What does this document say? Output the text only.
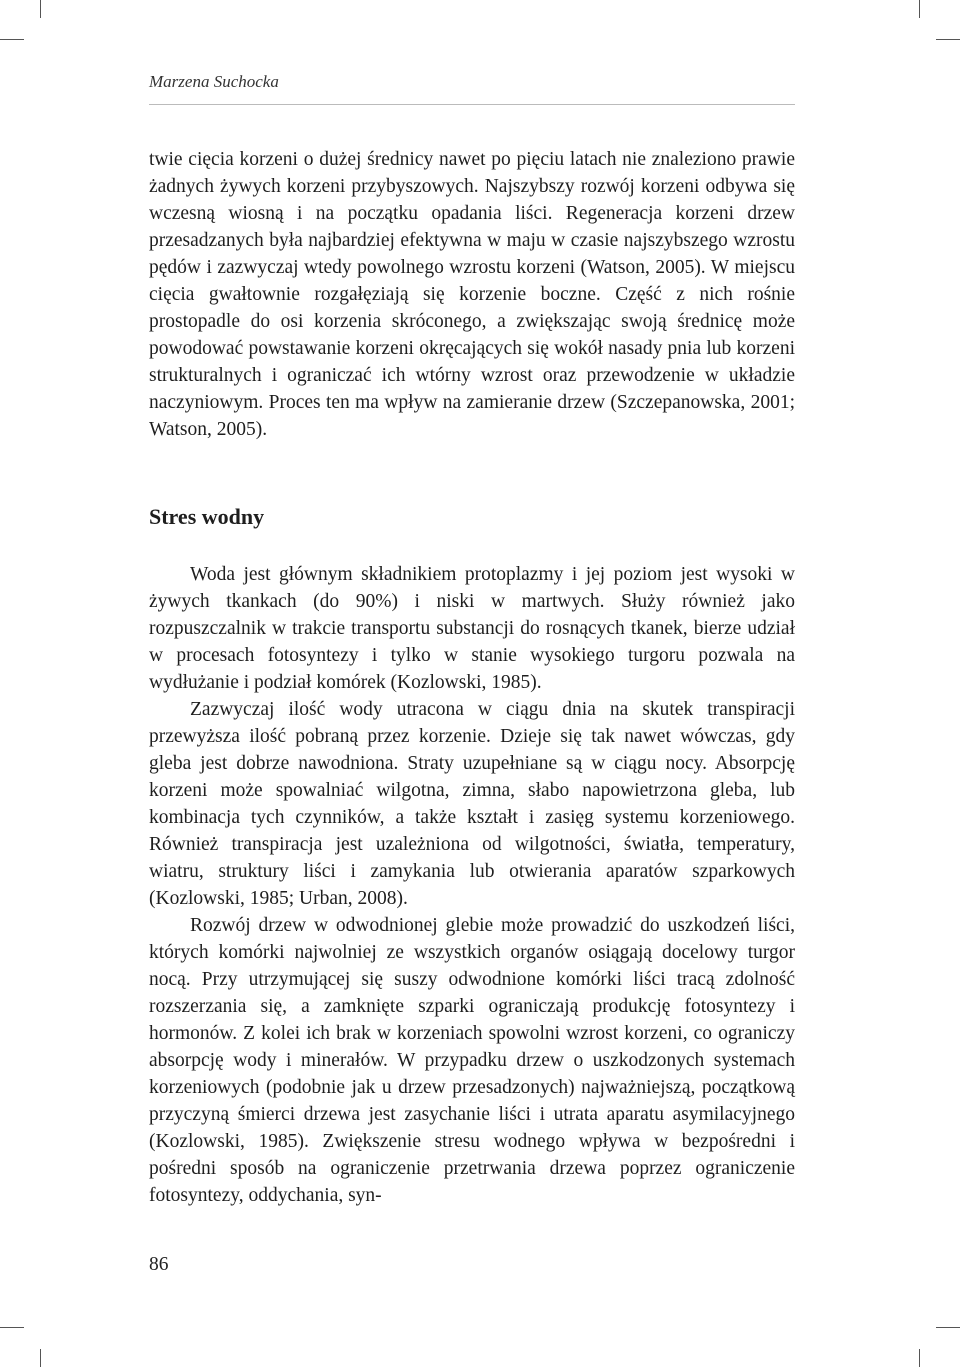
Marzena Suchocka

twie cięcia korzeni o dużej średnicy nawet po pięciu latach nie znaleziono prawie żadnych żywych korzeni przybyszowych. Najszybszy rozwój korzeni odbywa się wczesną wiosną i na początku opadania liści. Regeneracja korzeni drzew przesadzanych była najbardziej efektywna w maju w czasie najszybszego wzrostu pędów i zazwyczaj wtedy powolnego wzrostu korzeni (Watson, 2005). W miejscu cięcia gwałtownie rozgałęziają się korzenie boczne. Część z nich rośnie prostopadle do osi korzenia skróconego, a zwiększając swoją średnicę może powodować powstawanie korzeni okręcających się wokół nasady pnia lub korzeni strukturalnych i ograniczać ich wtórny wzrost oraz przewodzenie w układzie naczyniowym. Proces ten ma wpływ na zamieranie drzew (Szczepanowska, 2001; Watson, 2005).

Stres wodny

Woda jest głównym składnikiem protoplazmy i jej poziom jest wysoki w żywych tkankach (do 90%) i niski w martwych. Służy również jako rozpuszczalnik w trakcie transportu substancji do rosnących tkanek, bierze udział w procesach fotosyntezy i tylko w stanie wysokiego turgoru pozwala na wydłużanie i podział komórek (Kozlowski, 1985).

Zazwyczaj ilość wody utracona w ciągu dnia na skutek transpiracji przewyższa ilość pobraną przez korzenie. Dzieje się tak nawet wówczas, gdy gleba jest dobrze nawodniona. Straty uzupełniane są w ciągu nocy. Absorpcję korzeni może spowalniać wilgotna, zimna, słabo napowietrzona gleba, lub kombinacja tych czynników, a także kształt i zasięg systemu korzeniowego. Również transpiracja jest uzależniona od wilgotności, światła, temperatury, wiatru, struktury liści i zamykania lub otwierania aparatów szparkowych (Kozlowski, 1985; Urban, 2008).

Rozwój drzew w odwodnionej glebie może prowadzić do uszkodzeń liści, których komórki najwolniej ze wszystkich organów osiągają docelowy turgor nocą. Przy utrzymującej się suszy odwodnione komórki liści tracą zdolność rozszerzania się, a zamknięte szparki ograniczają produkcję fotosyntezy i hormonów. Z kolei ich brak w korzeniach spowolni wzrost korzeni, co ograniczy absorpcję wody i minerałów. W przypadku drzew o uszkodzonych systemach korzeniowych (podobnie jak u drzew przesadzonych) najważniejszą, początkową przyczyną śmierci drzewa jest zasychanie liści i utrata aparatu asymilacyjnego (Kozlowski, 1985). Zwiększenie stresu wodnego wpływa w bezpośredni i pośredni sposób na ograniczenie przetrwania drzewa poprzez ograniczenie fotosyntezy, oddychania, syn-

86
